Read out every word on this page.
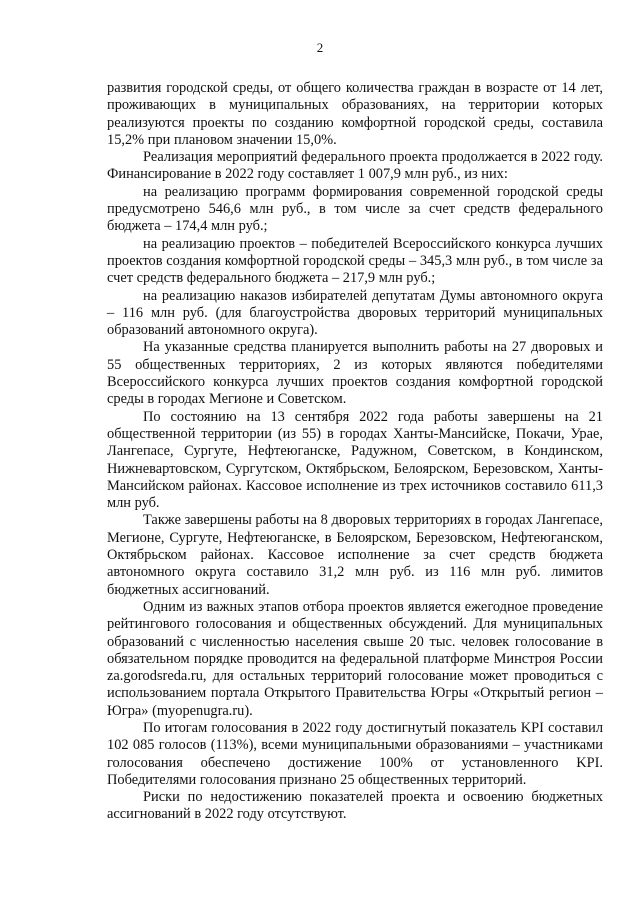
2

развития городской среды, от общего количества граждан в возрасте от 14 лет, проживающих в муниципальных образованиях, на территории которых реализуются проекты по созданию комфортной городской среды, составила 15,2% при плановом значении 15,0%.

Реализация мероприятий федерального проекта продолжается в 2022 году. Финансирование в 2022 году составляет 1 007,9 млн руб., из них:

на реализацию программ формирования современной городской среды предусмотрено 546,6 млн руб., в том числе за счет средств федерального бюджета – 174,4 млн руб.;

на реализацию проектов – победителей Всероссийского конкурса лучших проектов создания комфортной городской среды – 345,3 млн руб., в том числе за счет средств федерального бюджета – 217,9 млн руб.;

на реализацию наказов избирателей депутатам Думы автономного округа – 116 млн руб. (для благоустройства дворовых территорий муниципальных образований автономного округа).

На указанные средства планируется выполнить работы на 27 дворовых и 55 общественных территориях, 2 из которых являются победителями Всероссийского конкурса лучших проектов создания комфортной городской среды в городах Мегионе и Советском.

По состоянию на 13 сентября 2022 года работы завершены на 21 общественной территории (из 55) в городах Ханты-Мансийске, Покачи, Урае, Лангепасе, Сургуте, Нефтеюганске, Радужном, Советском, в Кондинском, Нижневартовском, Сургутском, Октябрьском, Белоярском, Березовском, Ханты-Мансийском районах. Кассовое исполнение из трех источников составило 611,3 млн руб.

Также завершены работы на 8 дворовых территориях в городах Лангепасе, Мегионе, Сургуте, Нефтеюганске, в Белоярском, Березовском, Нефтеюганском, Октябрьском районах. Кассовое исполнение за счет средств бюджета автономного округа составило 31,2 млн руб. из 116 млн руб. лимитов бюджетных ассигнований.

Одним из важных этапов отбора проектов является ежегодное проведение рейтингового голосования и общественных обсуждений. Для муниципальных образований с численностью населения свыше 20 тыс. человек голосование в обязательном порядке проводится на федеральной платформе Минстроя России za.gorodsreda.ru, для остальных территорий голосование может проводиться с использованием портала Открытого Правительства Югры «Открытый регион – Югра» (myopenugra.ru).

По итогам голосования в 2022 году достигнутый показатель KPI составил 102 085 голосов (113%), всеми муниципальными образованиями – участниками голосования обеспечено достижение 100% от установленного KPI. Победителями голосования признано 25 общественных территорий.

Риски по недостижению показателей проекта и освоению бюджетных ассигнований в 2022 году отсутствуют.
